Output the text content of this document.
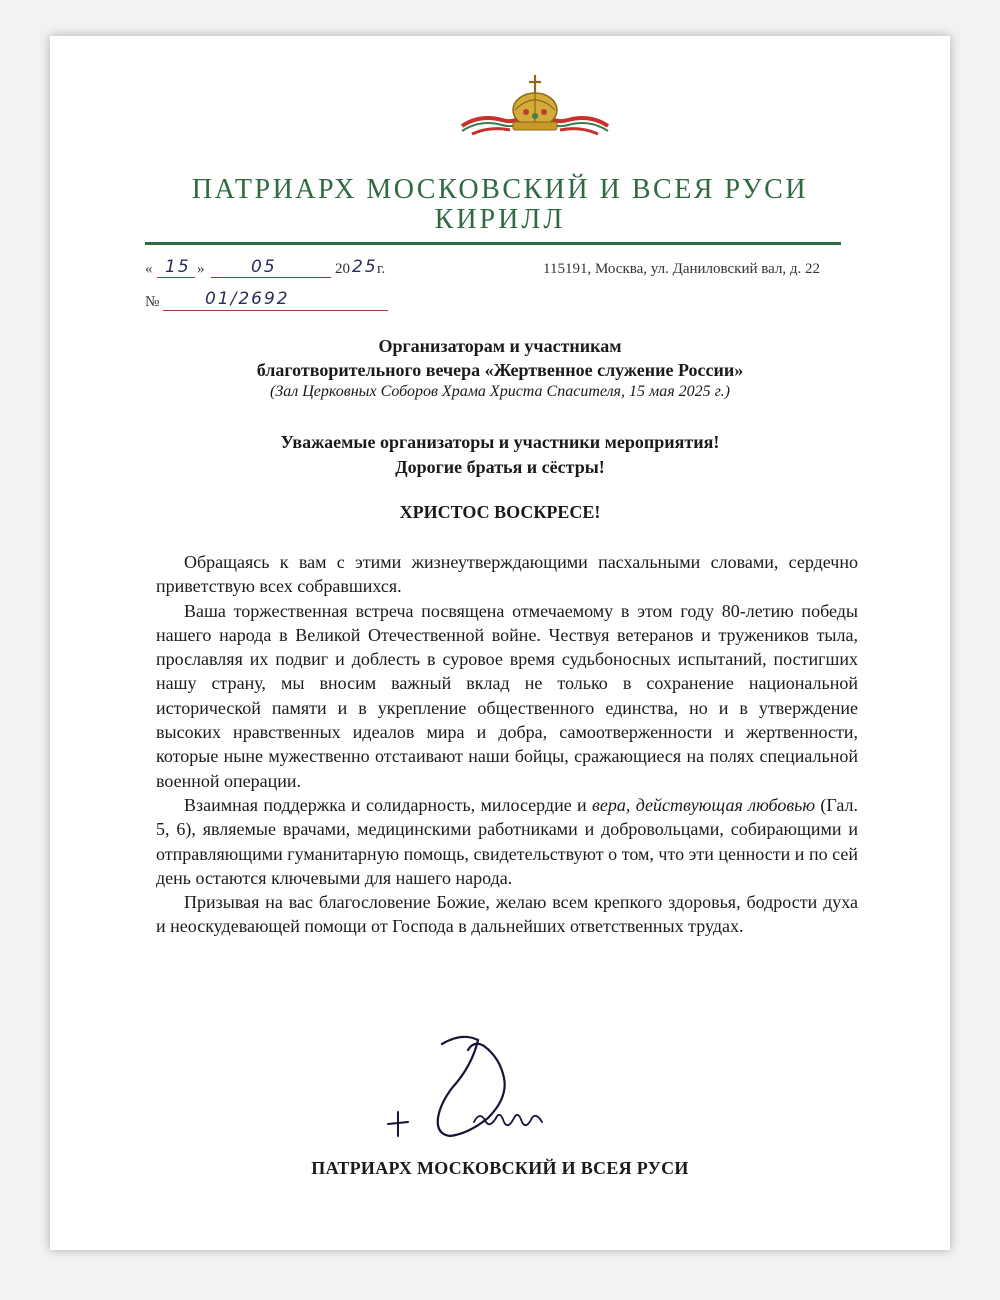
ПАТРИАРХ МОСКОВСКИЙ И ВСЕЯ РУСИ
КИРИЛЛ
« 15 »	05	20 25 г.	115191, Москва, ул. Даниловский вал, д. 22
№	01/2692
Организаторам и участникам
благотворительного вечера «Жертвенное служение России»
(Зал Церковных Соборов Храма Христа Спасителя, 15 мая 2025 г.)
Уважаемые организаторы и участники мероприятия!
Дорогие братья и сёстры!
ХРИСТОС ВОСКРЕСЕ!

Обращаясь к вам с этими жизнеутверждающими пасхальными словами, сердечно приветствую всех собравшихся.

Ваша торжественная встреча посвящена отмечаемому в этом году 80-летию победы нашего народа в Великой Отечественной войне. Чествуя ветеранов и тружеников тыла, прославляя их подвиг и доблесть в суровое время судьбоносных испытаний, постигших нашу страну, мы вносим важный вклад не только в сохранение национальной исторической памяти и в укрепление общественного единства, но и в утверждение высоких нравственных идеалов мира и добра, самоотверженности и жертвенности, которые ныне мужественно отстаивают наши бойцы, сражающиеся на полях специальной военной операции.

Взаимная поддержка и солидарность, милосердие и вера, действующая любовью (Гал. 5, 6), являемые врачами, медицинскими работниками и добровольцами, собирающими и отправляющими гуманитарную помощь, свидетельствуют о том, что эти ценности и по сей день остаются ключевыми для нашего народа.

Призывая на вас благословение Божие, желаю всем крепкого здоровья, бодрости духа и неоскудевающей помощи от Господа в дальнейших ответственных трудах.

ПАТРИАРХ МОСКОВСКИЙ И ВСЕЯ РУСИ
